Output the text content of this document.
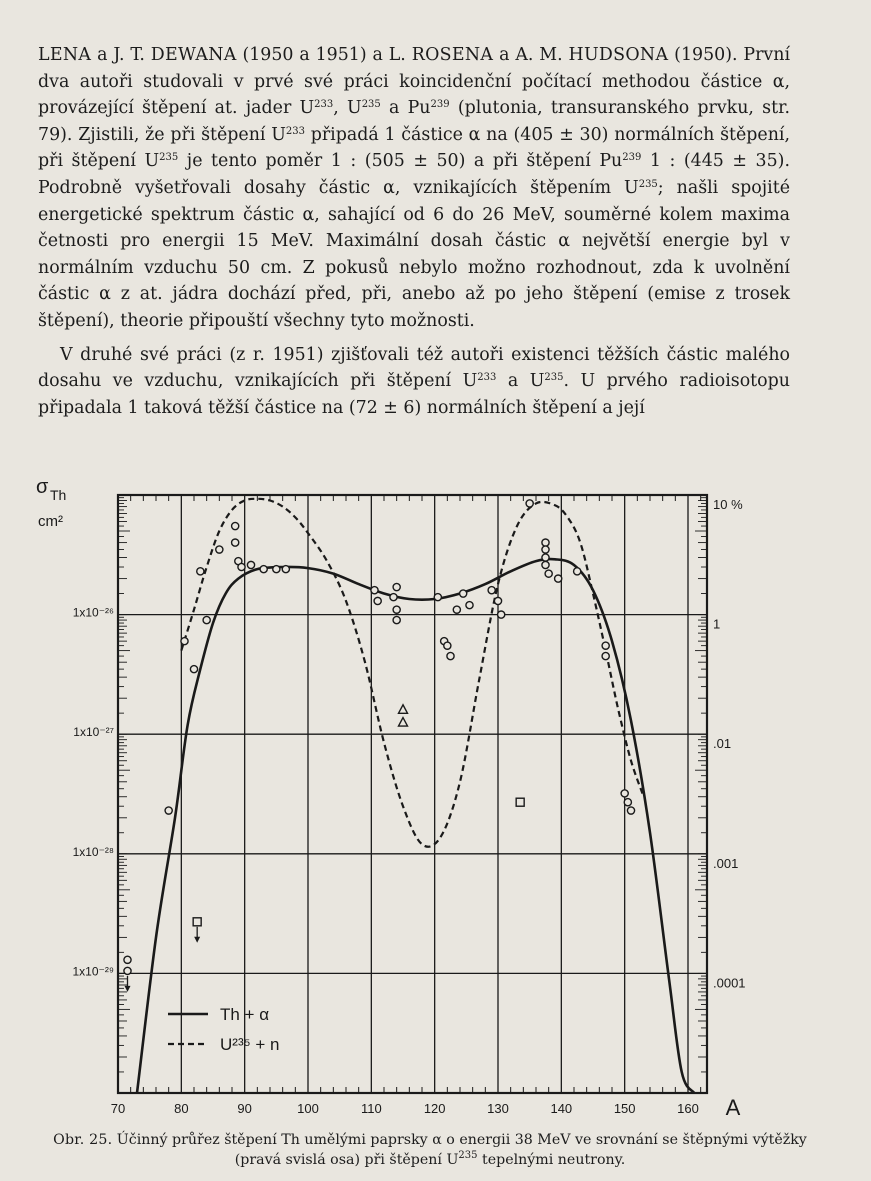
LENA a J. T. DEWANA (1950 a 1951) a L. ROSENA a A. M. HUDSONA (1950). První dva autoři studovali v prvé své práci koincidenční počítací methodou částice α, provázející štěpení at. jader $U^{233}$, $U^{235}$ a Pu$^{239}$ (plutonia, transuranského prvku, str. 79). Zjistili, že při štěpení $U^{233}$ připadá 1 částice α na (405 ± 30) normálních štěpení, při štěpení $U^{235}$ je tento poměr 1 : (505 ± 50) a při štěpení Pu$^{239}$ 1 : (445 ± 35). Podrobně vyšetřovali dosahy částic α, vznikajících štěpením $U^{235}$; našli spojité energetické spektrum částic α, sahající od 6 do 26 MeV, souměrné kolem maxima četnosti pro energii 15 MeV. Maximální dosah částic α největší energie byl v normálním vzduchu 50 cm. Z pokusů nebylo možno rozhodnout, zda k uvolnění částic α z at. jádra dochází před, při, anebo až po jeho štěpení (emise z trosek štěpení), theorie připouští všechny tyto možnosti.

V druhé své práci (z r. 1951) zjišťovali též autoři existenci těžších částic malého dosahu ve vzduchu, vznikajících při štěpení $U^{233}$ a $U^{235}$. U prvého radioisotopu připadala 1 taková těžší částice na (72 ± 6) normálních štěpení a její

70	80	90	100	110	120	130	140	150	160 A
1x10⁻²⁶
1x10⁻²⁷
1x10⁻²⁸
1x10⁻²⁹
10 %
1
.01
.001
.0001
σ Th
cm²
Th + α
U²³⁵ + n
Obr. 25. Účinný průřez štěpení Th umělými paprsky α o energii 38 MeV ve srovnání se štěpnými výtěžky (pravá svislá osa) při štěpení $U^{235}$ tepelnými neutrony.
